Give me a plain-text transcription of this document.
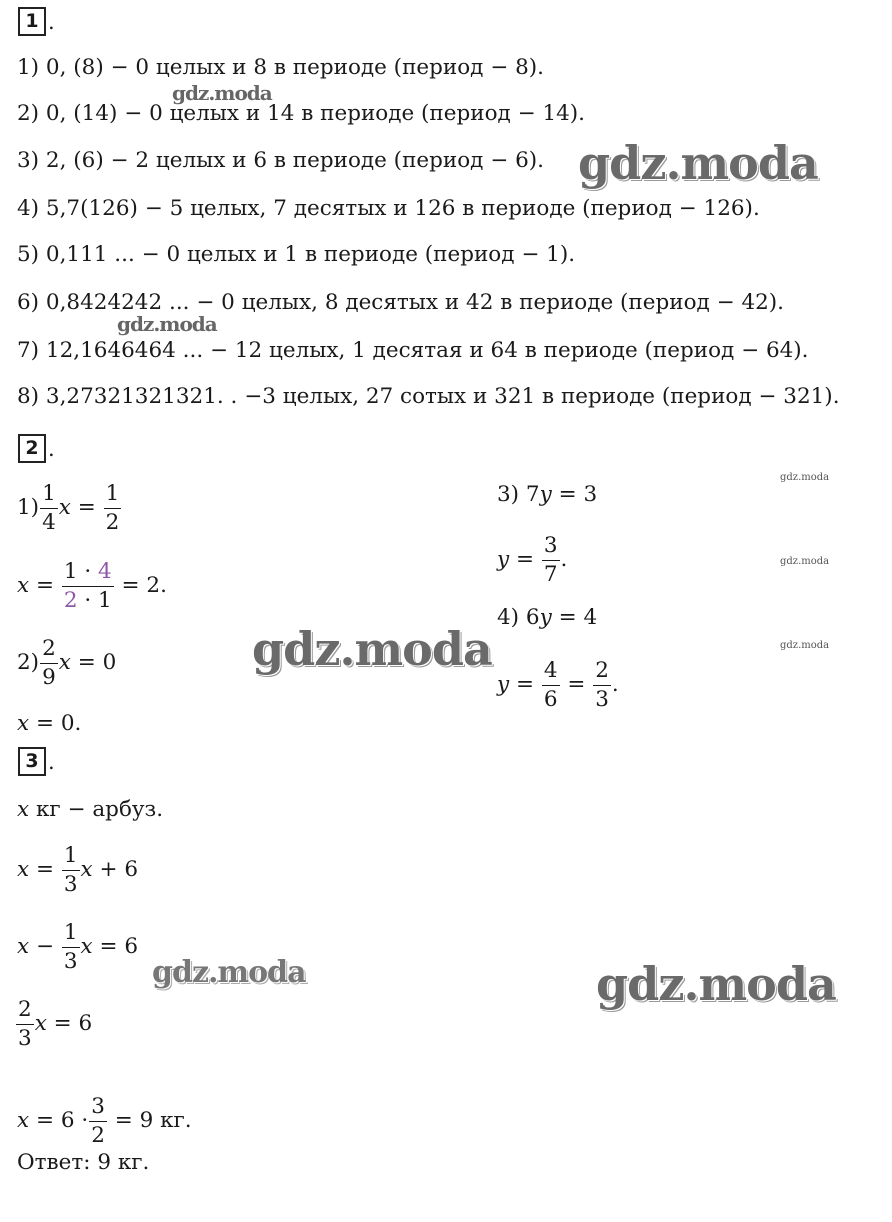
1 .
1) 0, (8) − 0 целых и 8 в периоде (период − 8).
2) 0, (14) − 0 целых и 14 в периоде (период − 14).
3) 2, (6) − 2 целых и 6 в периоде (период − 6).
4) 5,7(126) − 5 целых, 7 десятых и 126 в периоде (период − 126).
5) 0,111 ... − 0 целых и 1 в периоде (период − 1).
6) 0,8424242 ... − 0 целых, 8 десятых и 42 в периоде (период − 42).
7) 12,1646464 ... − 12 целых, 1 десятая и 64 в периоде (период − 64).
8) 3,27321321321. . −3 целых, 27 сотых и 321 в периоде (период − 321).
2 .
$1) \frac{1}{4}$ $x = \frac{1}{2}$
$x = \frac{1 \cdot 4}{2 \cdot 1} = 2$.
$2) \frac{2}{9}$ x = 0
x = 0.
3) 7y = 3
$y = \frac{3}{7}$ .
4) 6y = 4
$y = \frac{4}{6} = \frac{2}{3}$ .
3 .
x кг − арбуз.
$x = \frac{1}{3}$ x + 6
$x - \frac{1}{3}$ x = 6
$\frac{2}{3}$ x = 6
$x = 6 \cdot \frac{3}{2} = 9$ кг.
Ответ: 9 кг.
gdz.moda
gdz.moda
gdz.moda
gdz.moda
gdz.moda
gdz.moda
gdz.moda
gdz.moda	gdz.moda
